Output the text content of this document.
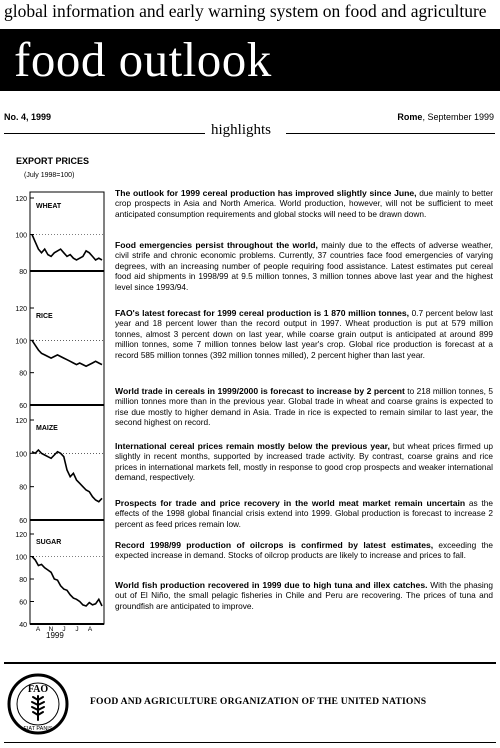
global information and early warning system on food and agriculture
food outlook
No. 4, 1999	Rome, September 1999
highlights
EXPORT PRICES
(July 1998=100)
120
100
80
WHEAT
120
100
80
60
RICE
120
100
80
60
MAIZE
120
100
80
60
40
SUGAR
A N J J A
1999

The outlook for 1999 cereal production has improved slightly since June, due mainly to better crop prospects in Asia and North America. World production, however, will not be sufficient to meet anticipated consumption requirements and global stocks will need to be drawn down.

Food emergencies persist throughout the world, mainly due to the effects of adverse weather, civil strife and chronic economic problems. Currently, 37 countries face food emergencies of varying degrees, with an increasing number of people requiring food assistance. Latest estimates put cereal food aid shipments in 1998/99 at 9.5 million tonnes, 3 million tonnes above last year and the highest level since 1993/94.

FAO's latest forecast for 1999 cereal production is 1 870 million tonnes, 0.7 percent below last year and 18 percent lower than the record output in 1997. Wheat production is put at 579 million tonnes, almost 3 percent down on last year, while coarse grain output is anticipated at around 899 million tonnes, some 7 million tonnes below last year's crop. Global rice production is forecast at a record 585 million tonnes (392 million tonnes milled), 2 percent higher than last year.

World trade in cereals in 1999/2000 is forecast to increase by 2 percent to 218 million tonnes, 5 million tonnes more than in the previous year. Global trade in wheat and coarse grains is expected to rise due mostly to higher demand in Asia. Trade in rice is expected to remain similar to last year, the second highest on record.

International cereal prices remain mostly below the previous year, but wheat prices firmed up slightly in recent months, supported by increased trade activity. By contrast, coarse grains and rice prices in international markets fell, mostly in response to good crop prospects and weaker international demand, respectively.

Prospects for trade and price recovery in the world meat market remain uncertain as the effects of the 1998 global financial crisis extend into 1999. Global production is forecast to increase 2 percent as feed prices remain low.

Record 1998/99 production of oilcrops is confirmed by latest estimates, exceeding the expected increase in demand. Stocks of oilcrop products are likely to increase and prices to fall.

World fish production recovered in 1999 due to high tuna and illex catches. With the phasing out of El Niño, the small pelagic fisheries in Chile and Peru are recovering. The prices of tuna and groundfish are anticipated to improve.

FAO
FIAT PANIS
FOOD AND AGRICULTURE ORGANIZATION OF THE UNITED NATIONS
